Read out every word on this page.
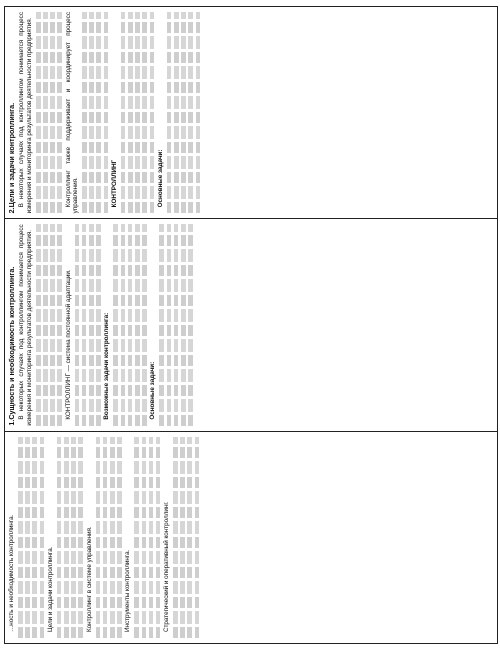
…ность и необходимость контроллинга.	Цели и задачи контроллинга.	Контроллинг в системе управления.	Инструменты контроллинга.	Стратегический и оперативный контроллинг.
1.Сущность и необходимость контроллинга. В некоторых случаях под контроллингом понимается процесс измерения и мониторинга результатов деятельности предприятия.	КОНТРОЛЛИНГ — система постоянной адаптации.	Возможные задачи контроллинга:	Основные задачи:
2.Цели и задачи контроллинга. В некоторых случаях под контроллингом понимается процесс измерения и мониторинга результатов деятельности предприятия.	Контроллинг также поддерживает и координирует процесс управления.	КОНТРОЛЛИНГ	Основные задачи:
